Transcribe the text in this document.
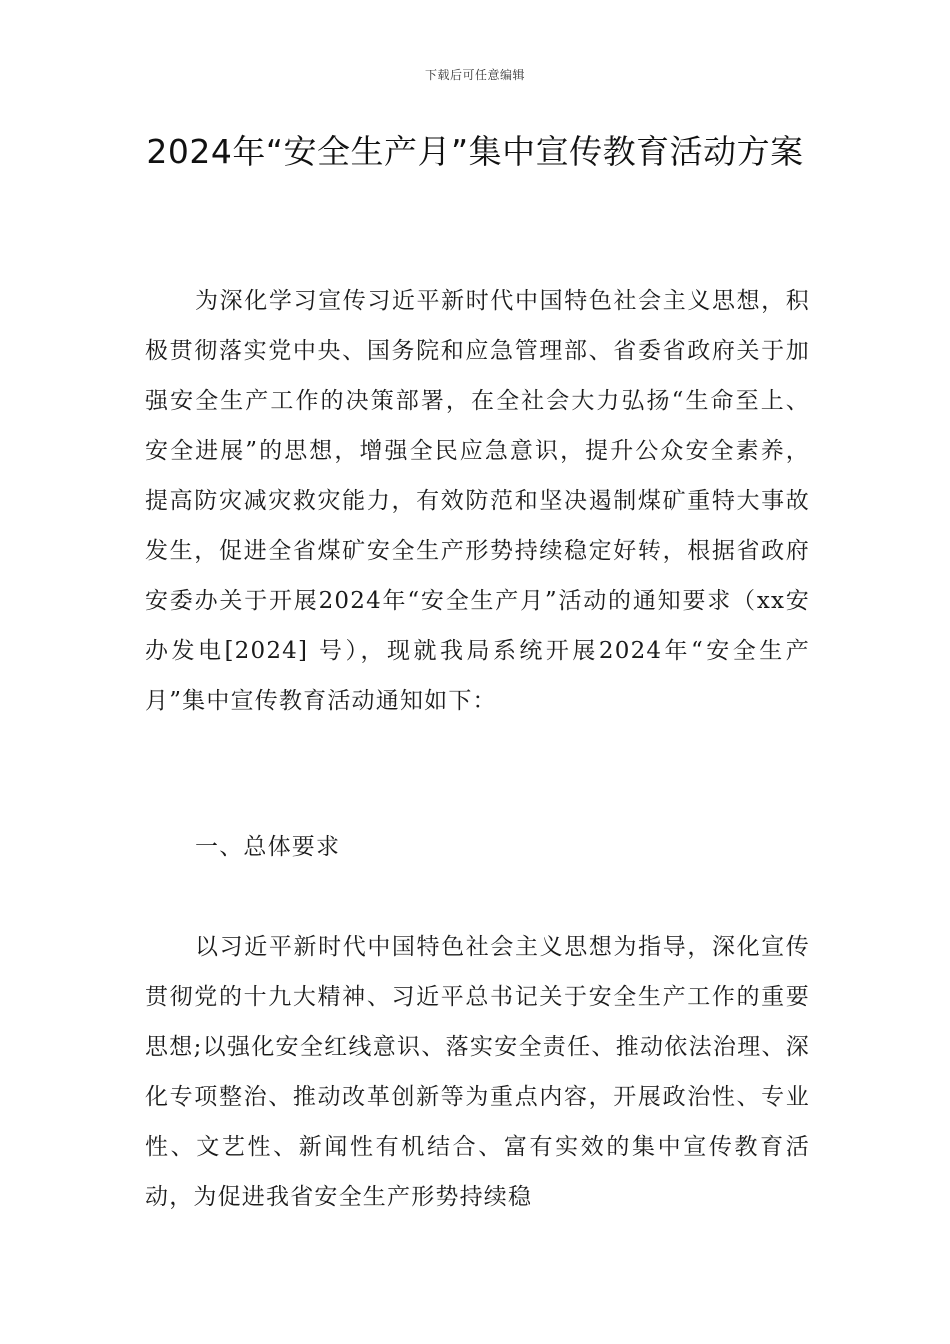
下载后可任意编辑
2024年“安全生产月”集中宣传教育活动方案

为深化学习宣传习近平新时代中国特色社会主义思想，积极贯彻落实党中央、国务院和应急管理部、省委省政府关于加强安全生产工作的决策部署，在全社会大力弘扬“生命至上、安全进展”的思想，增强全民应急意识，提升公众安全素养，提高防灾减灾救灾能力，有效防范和坚决遏制煤矿重特大事故发生，促进全省煤矿安全生产形势持续稳定好转，根据省政府安委办关于开展2024年“安全生产月”活动的通知要求（xx安办发电[2024] 号），现就我局系统开展2024年“安全生产月”集中宣传教育活动通知如下：

一、总体要求

以习近平新时代中国特色社会主义思想为指导，深化宣传贯彻党的十九大精神、习近平总书记关于安全生产工作的重要思想;以强化安全红线意识、落实安全责任、推动依法治理、深化专项整治、推动改革创新等为重点内容，开展政治性、专业性、文艺性、新闻性有机结合、富有实效的集中宣传教育活动，为促进我省安全生产形势持续稳
